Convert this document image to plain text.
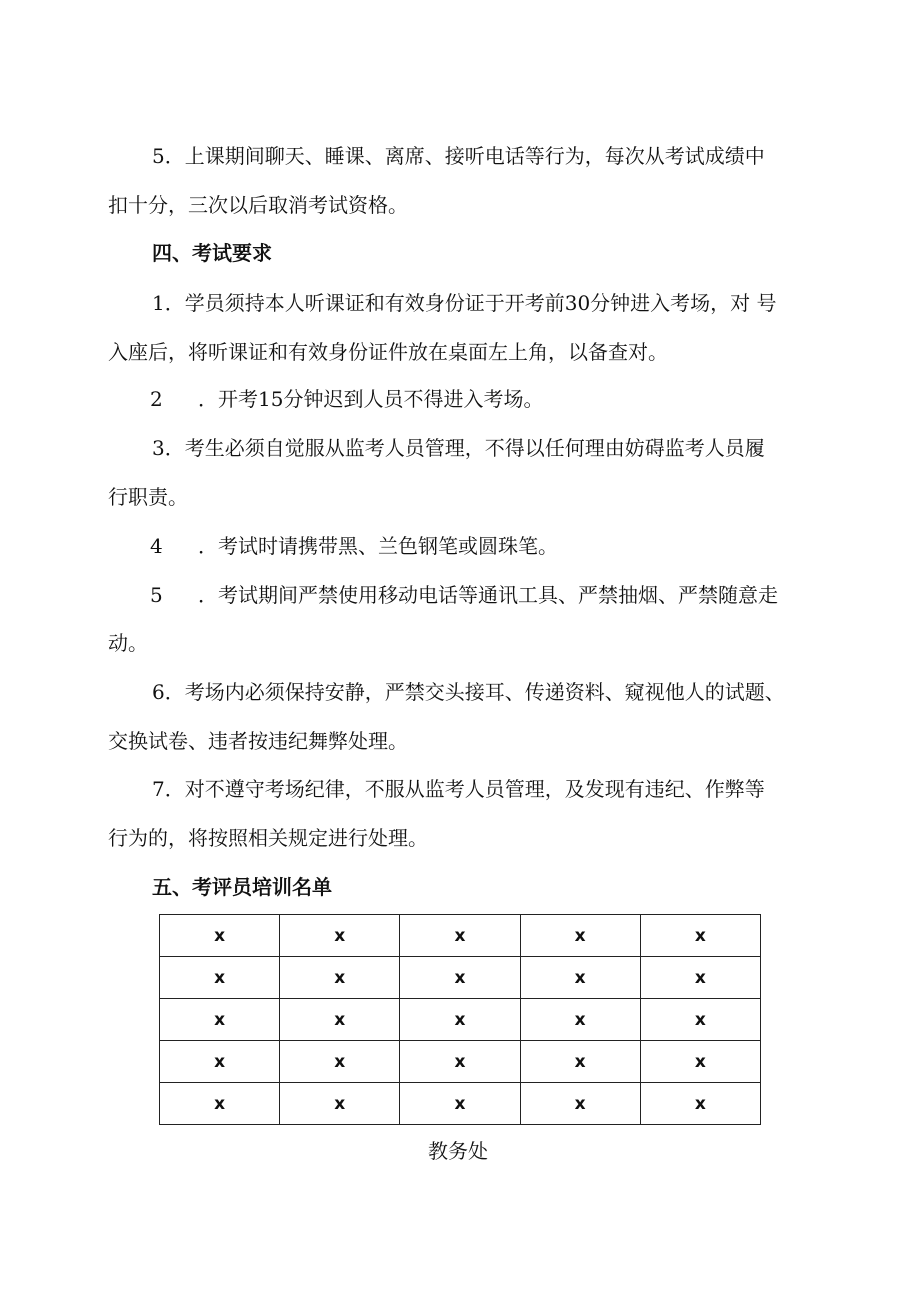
5．上课期间聊天、睡课、离席、接听电话等行为，每次从考试成绩中
扣十分，三次以后取消考试资格。
四、考试要求
1．学员须持本人听课证和有效身份证于开考前30分钟进入考场，对 号
入座后，将听课证和有效身份证件放在桌面左上角，以备查对。
2 ．开考15分钟迟到人员不得进入考场。
3．考生必须自觉服从监考人员管理，不得以任何理由妨碍监考人员履
行职责。
4 ．考试时请携带黑、兰色钢笔或圆珠笔。
5 ．考试期间严禁使用移动电话等通讯工具、严禁抽烟、严禁随意走
动。
6．考场内必须保持安静，严禁交头接耳、传递资料、窥视他人的试题、
交换试卷、违者按违纪舞弊处理。
7．对不遵守考场纪律，不服从监考人员管理，及发现有违纪、作弊等
行为的，将按照相关规定进行处理。
五、考评员培训名单
x	x	x	x	x
x	x	x	x	x
x	x	x	x	x
x	x	x	x	x
x	x	x	x	x
教务处
